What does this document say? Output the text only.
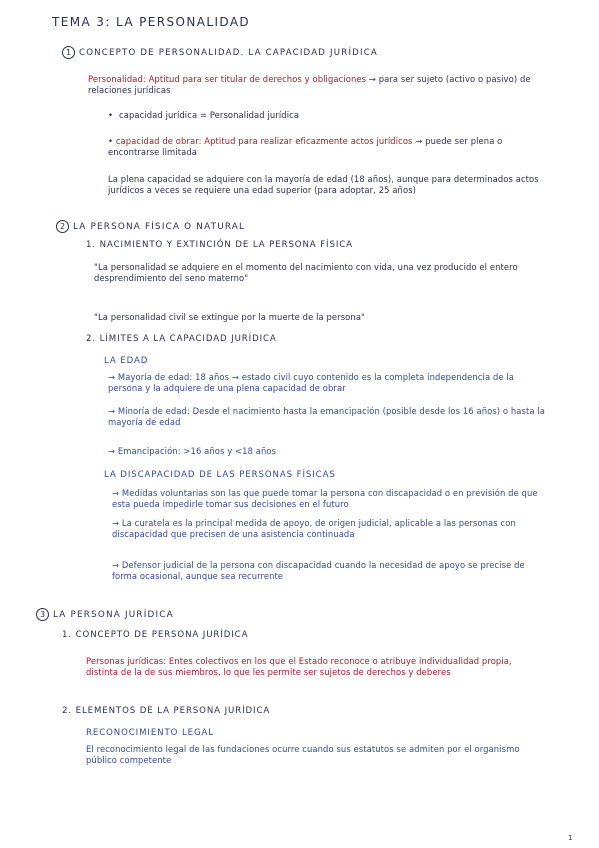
TEMA 3: LA PERSONALIDAD

1 CONCEPTO DE PERSONALIDAD. LA CAPACIDAD JURÍDICA

Personalidad: Aptitud para ser titular de derechos y obligaciones → para ser sujeto (activo o pasivo) de relaciones jurídicas

• capacidad jurídica = Personalidad jurídica

• capacidad de obrar: Aptitud para realizar eficazmente actos jurídicos → puede ser plena o encontrarse limitada

La plena capacidad se adquiere con la mayoría de edad (18 años), aunque para determinados actos jurídicos a veces se requiere una edad superior (para adoptar, 25 años)

2 LA PERSONA FÍSICA O NATURAL

1. NACIMIENTO Y EXTINCIÓN DE LA PERSONA FÍSICA

"La personalidad se adquiere en el momento del nacimiento con vida, una vez producido el entero desprendimiento del seno materno"

"La personalidad civil se extingue por la muerte de la persona"

2. LÍMITES A LA CAPACIDAD JURÍDICA

LA EDAD

→ Mayoría de edad: 18 años → estado civil cuyo contenido es la completa independencia de la persona y la adquiere de una plena capacidad de obrar

→ Minoría de edad: Desde el nacimiento hasta la emancipación (posible desde los 16 años) o hasta la mayoría de edad

→ Emancipación: >16 años y <18 años

LA DISCAPACIDAD DE LAS PERSONAS FÍSICAS

→ Medidas voluntarias son las que puede tomar la persona con discapacidad o en previsión de que esta pueda impedirle tomar sus decisiones en el futuro

→ La curatela es la principal medida de apoyo, de origen judicial, aplicable a las personas con discapacidad que precisen de una asistencia continuada

→ Defensor judicial de la persona con discapacidad cuando la necesidad de apoyo se precise de forma ocasional, aunque sea recurrente

3 LA PERSONA JURÍDICA

1. CONCEPTO DE PERSONA JURÍDICA

Personas jurídicas: Entes colectivos en los que el Estado reconoce o atribuye individualidad propia, distinta de la de sus miembros, lo que les permite ser sujetos de derechos y deberes

2. ELEMENTOS DE LA PERSONA JURÍDICA

RECONOCIMIENTO LEGAL

El reconocimiento legal de las fundaciones ocurre cuando sus estatutos se admiten por el organismo público competente

1
